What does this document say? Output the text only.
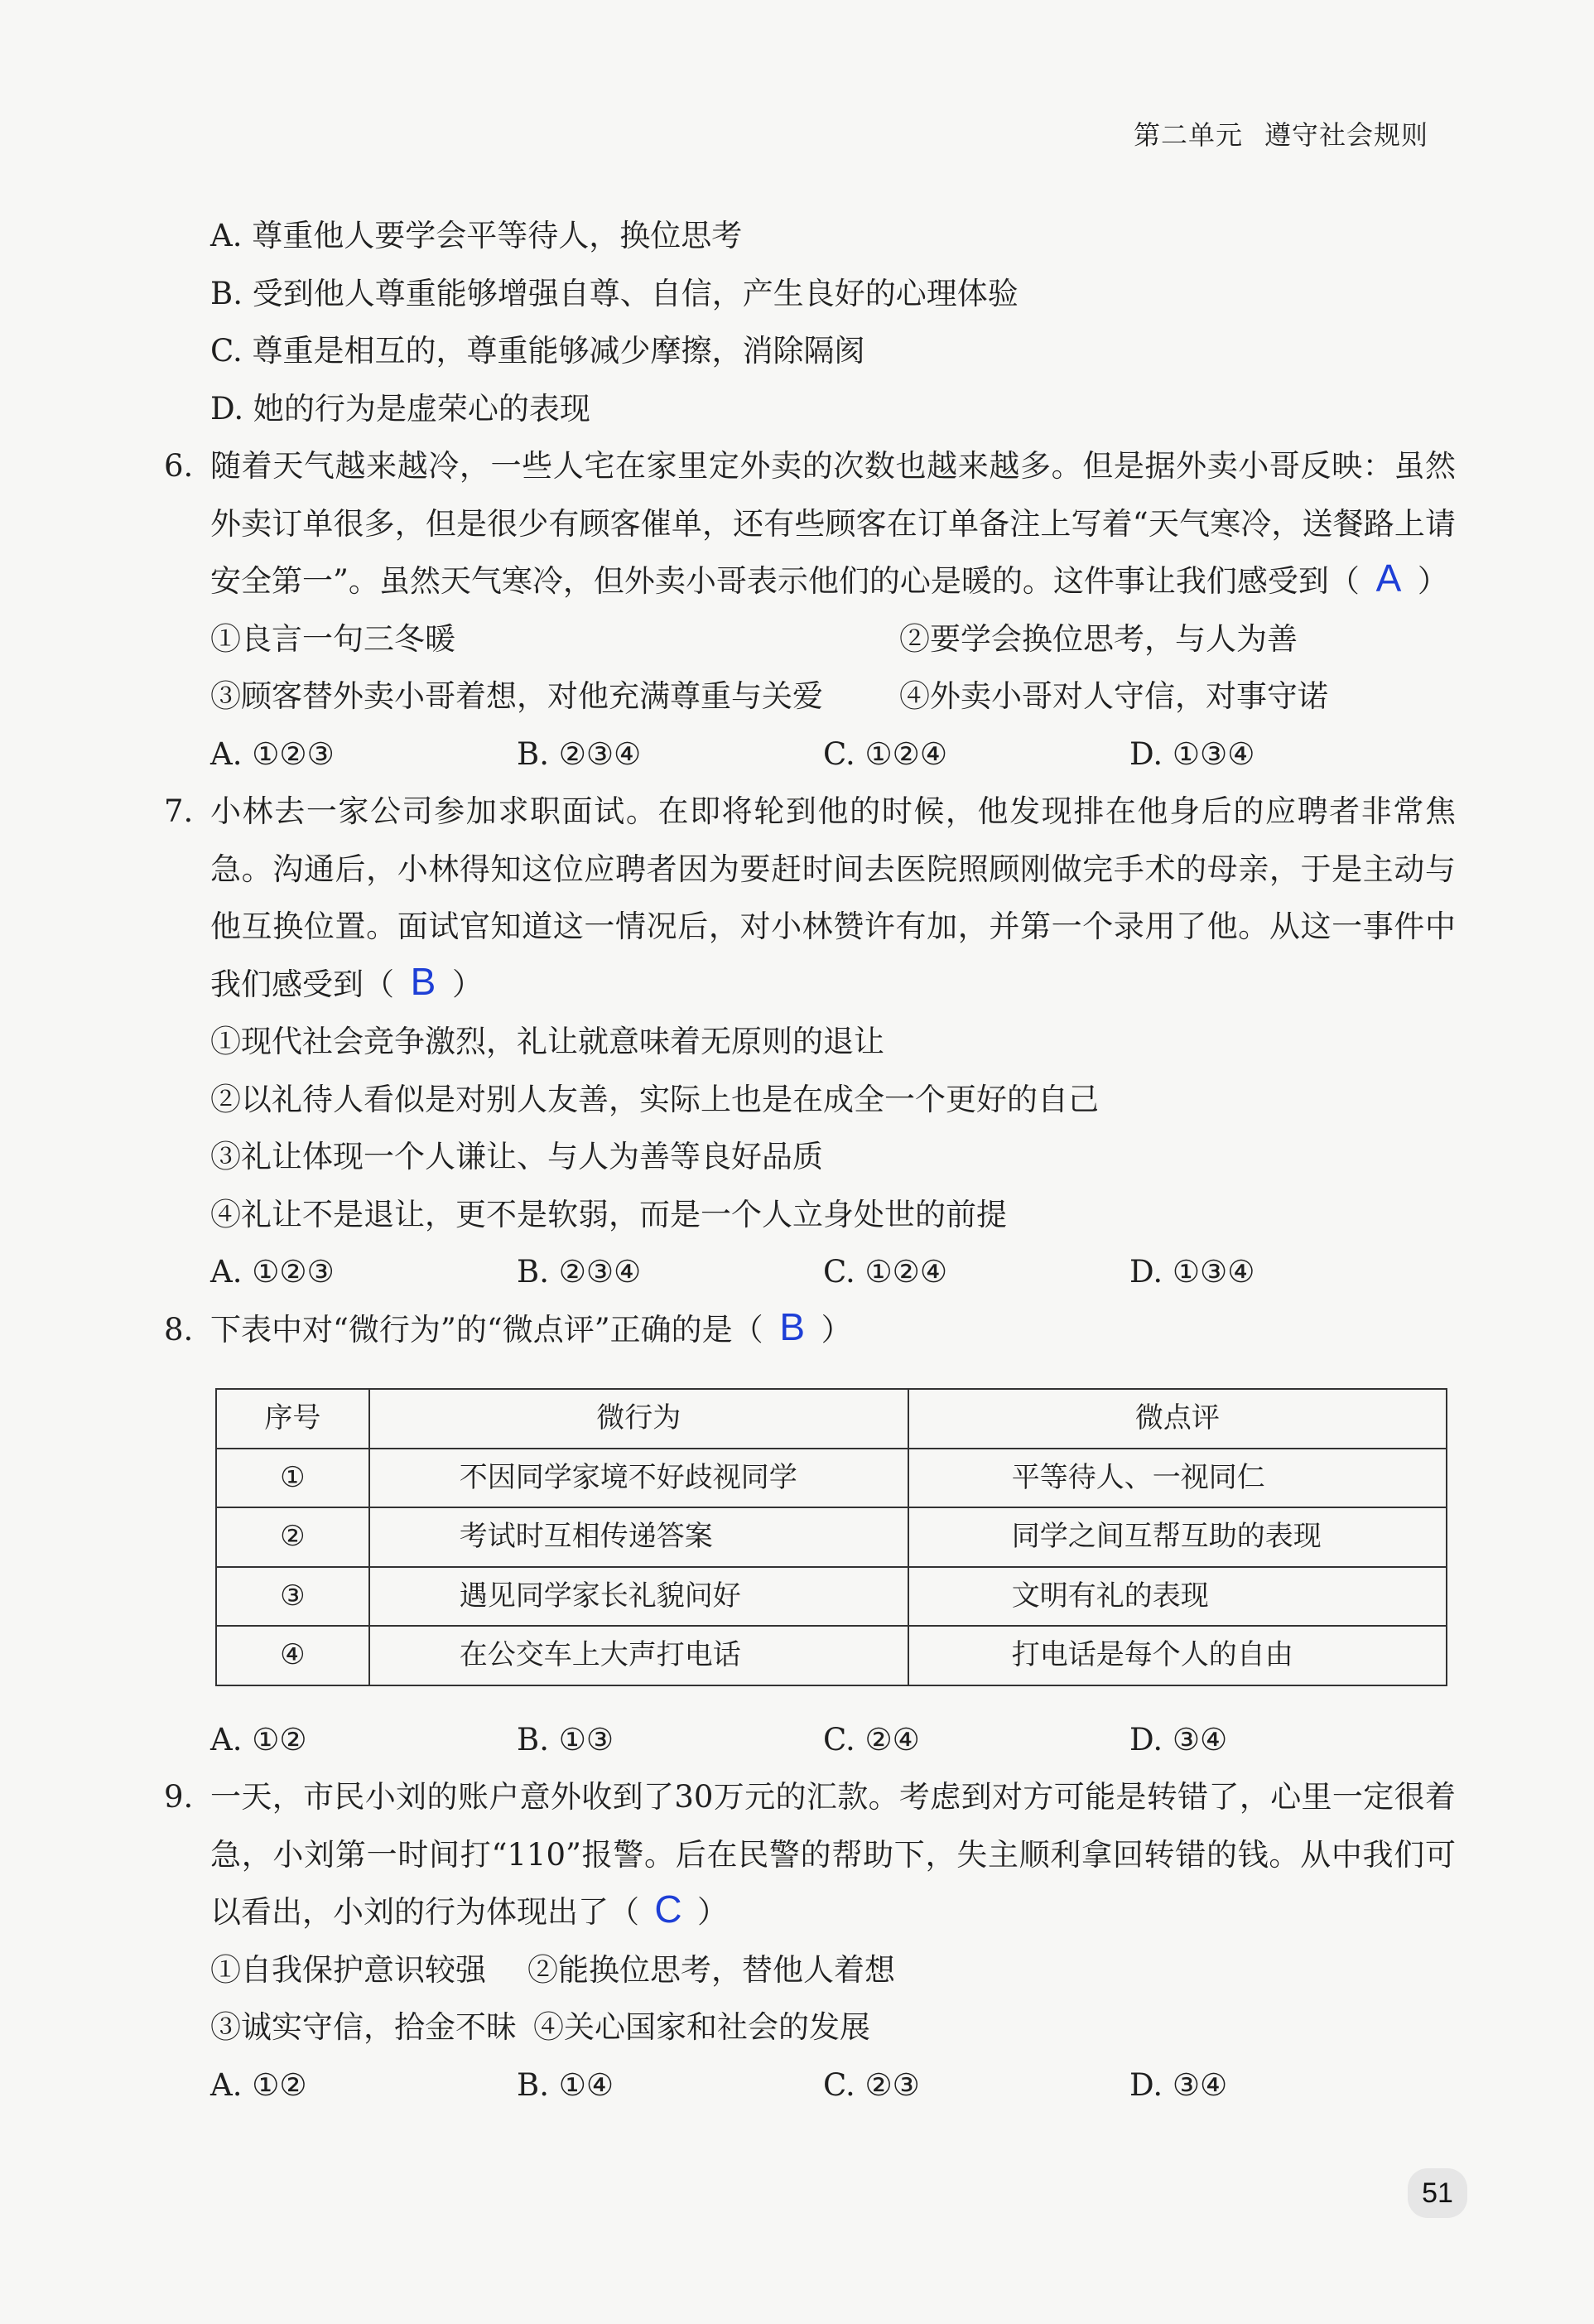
第二单元 遵守社会规则
A. 尊重他人要学会平等待人，换位思考
B. 受到他人尊重能够增强自尊、自信，产生良好的心理体验
C. 尊重是相互的，尊重能够减少摩擦，消除隔阂
D. 她的行为是虚荣心的表现
6. 随着天气越来越冷，一些人宅在家里定外卖的次数也越来越多。但是据外卖小哥反映：虽然外卖订单很多，但是很少有顾客催单，还有些顾客在订单备注上写着“天气寒冷，送餐路上请安全第一”。虽然天气寒冷，但外卖小哥表示他们的心是暖的。这件事让我们感受到（ A ）
①良言一句三冬暖	②要学会换位思考，与人为善
③顾客替外卖小哥着想，对他充满尊重与关爱	④外卖小哥对人守信，对事守诺
A. ①②③	B. ②③④	C. ①②④	D. ①③④
7. 小林去一家公司参加求职面试。在即将轮到他的时候，他发现排在他身后的应聘者非常焦急。沟通后，小林得知这位应聘者因为要赶时间去医院照顾刚做完手术的母亲，于是主动与他互换位置。面试官知道这一情况后，对小林赞许有加，并第一个录用了他。从这一事件中我们感受到（ B ）
①现代社会竞争激烈，礼让就意味着无原则的退让
②以礼待人看似是对别人友善，实际上也是在成全一个更好的自己
③礼让体现一个人谦让、与人为善等良好品质
④礼让不是退让，更不是软弱，而是一个人立身处世的前提
A. ①②③	B. ②③④	C. ①②④	D. ①③④
8. 下表中对“微行为”的“微点评”正确的是（ B ）
序号	微行为	微点评
①	不因同学家境不好歧视同学	平等待人、一视同仁
②	考试时互相传递答案	同学之间互帮互助的表现
③	遇见同学家长礼貌问好	文明有礼的表现
④	在公交车上大声打电话	打电话是每个人的自由
A. ①②	B. ①③	C. ②④	D. ③④
9. 一天，市民小刘的账户意外收到了30万元的汇款。考虑到对方可能是转错了，心里一定很着急，小刘第一时间打“110”报警。后在民警的帮助下，失主顺利拿回转错的钱。从中我们可以看出，小刘的行为体现出了（ C ）
①自我保护意识较强 ②能换位思考，替他人着想
③诚实守信，拾金不昧 ④关心国家和社会的发展
A. ①②	B. ①④	C. ②③	D. ③④
51
